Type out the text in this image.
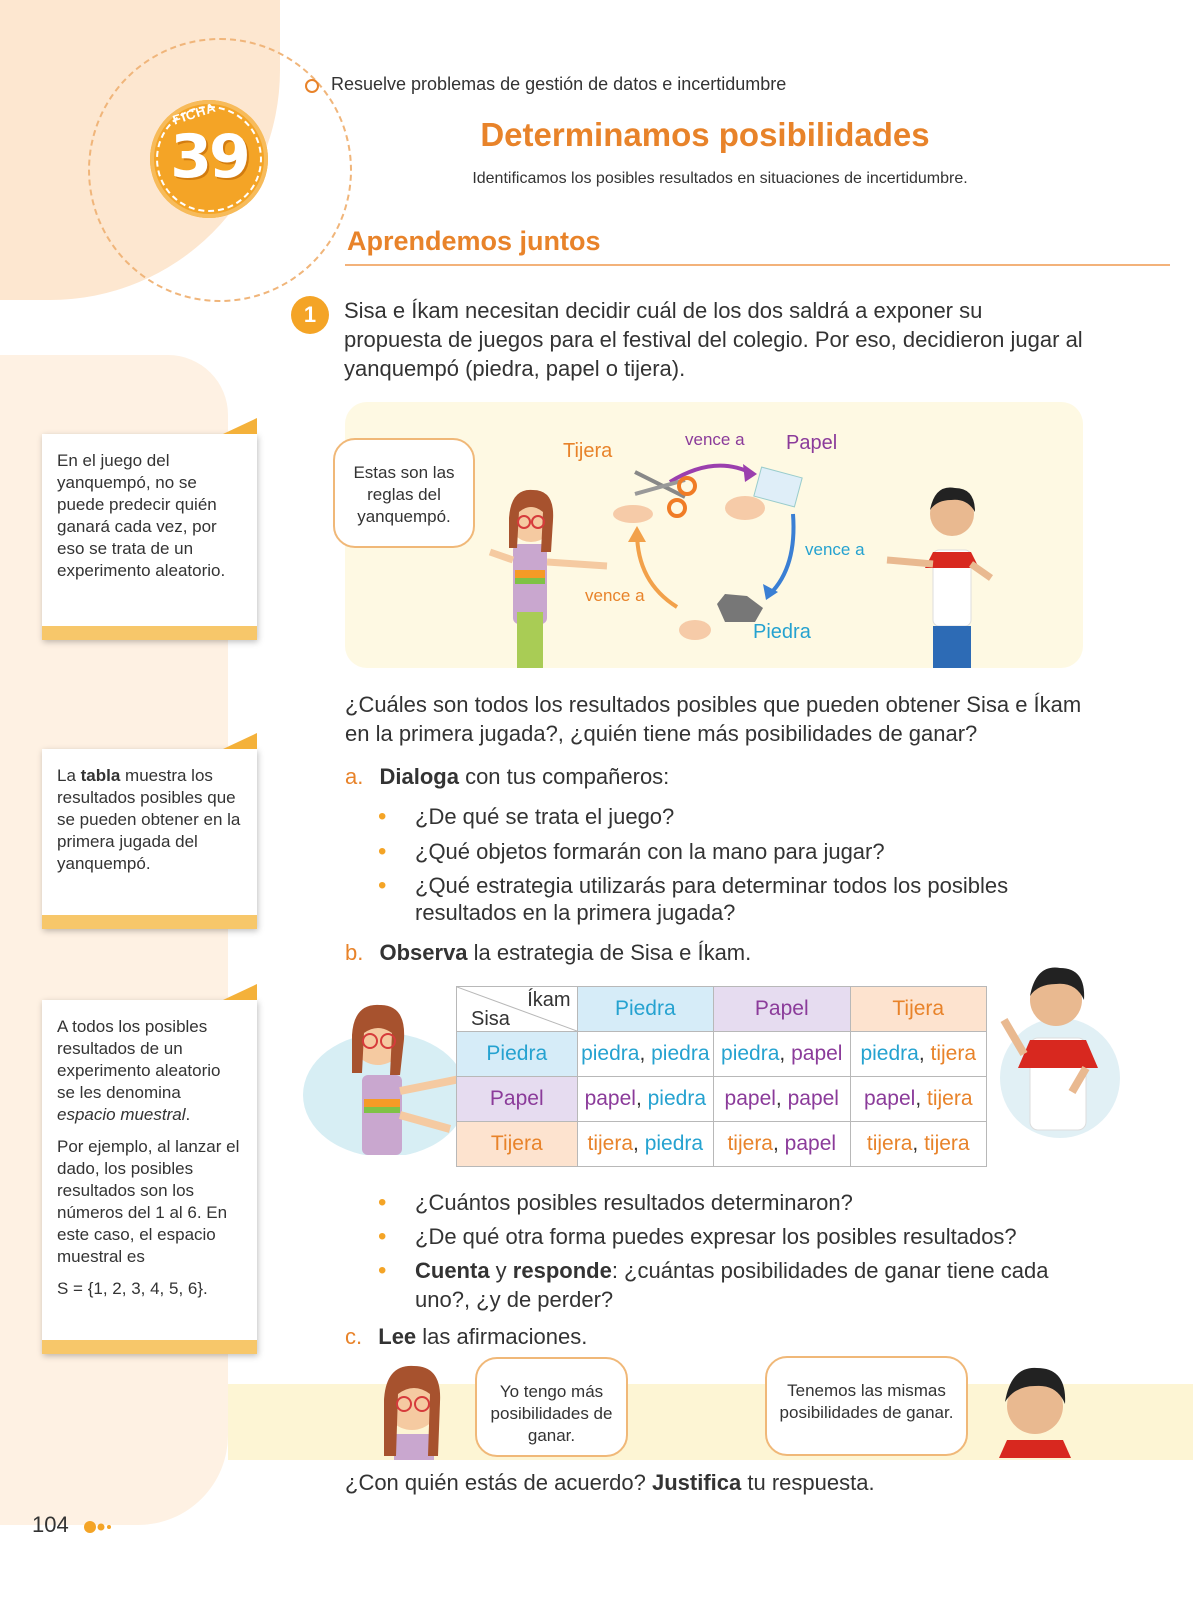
FICHA
39
Resuelve problemas de gestión de datos e incertidumbre
Determinamos posibilidades
Identificamos los posibles resultados en situaciones de incertidumbre.
Aprendemos juntos
1	Sisa e Íkam necesitan decidir cuál de los dos saldrá a exponer su propuesta de juegos para el festival del colegio. Por eso, decidieron jugar al yanquempó (piedra, papel o tijera).
Tijera	Papel
Piedra
vence a
vence a
vence a
Estas son las reglas del yanquempó.
En el juego del yanquempó, no se puede predecir quién ganará cada vez, por eso se trata de un experimento aleatorio.
La tabla muestra los resultados posibles que se pueden obtener en la primera jugada del yanquempó.
A todos los posibles resultados de un experimento aleatorio se les denomina espacio muestral.
Por ejemplo, al lanzar el dado, los posibles resultados son los números del 1 al 6. En este caso, el espacio muestral es
S = {1, 2, 3, 4, 5, 6}.
¿Cuáles son todos los resultados posibles que pueden obtener Sisa e Íkam en la primera jugada?, ¿quién tiene más posibilidades de ganar?
a. Dialoga con tus compañeros:
• ¿De qué se trata el juego?
• ¿Qué objetos formarán con la mano para jugar?
• ¿Qué estrategia utilizarás para determinar todos los posibles resultados en la primera jugada?
b. Observa la estrategia de Sisa e Íkam.
Íkam
Sisa	Piedra	Papel	Tijera
Piedra	piedra, piedra	piedra, papel	piedra, tijera
Papel	papel, piedra	papel, papel	papel, tijera
Tijera	tijera, piedra	tijera, papel	tijera, tijera
• ¿Cuántos posibles resultados determinaron?
• ¿De qué otra forma puedes expresar los posibles resultados?
• Cuenta y responde: ¿cuántas posibilidades de ganar tiene cada uno?, ¿y de perder?
c. Lee las afirmaciones.
Yo tengo más posibilidades de ganar.
Tenemos las mismas posibilidades de ganar.
¿Con quién estás de acuerdo? Justifica tu respuesta.
104
